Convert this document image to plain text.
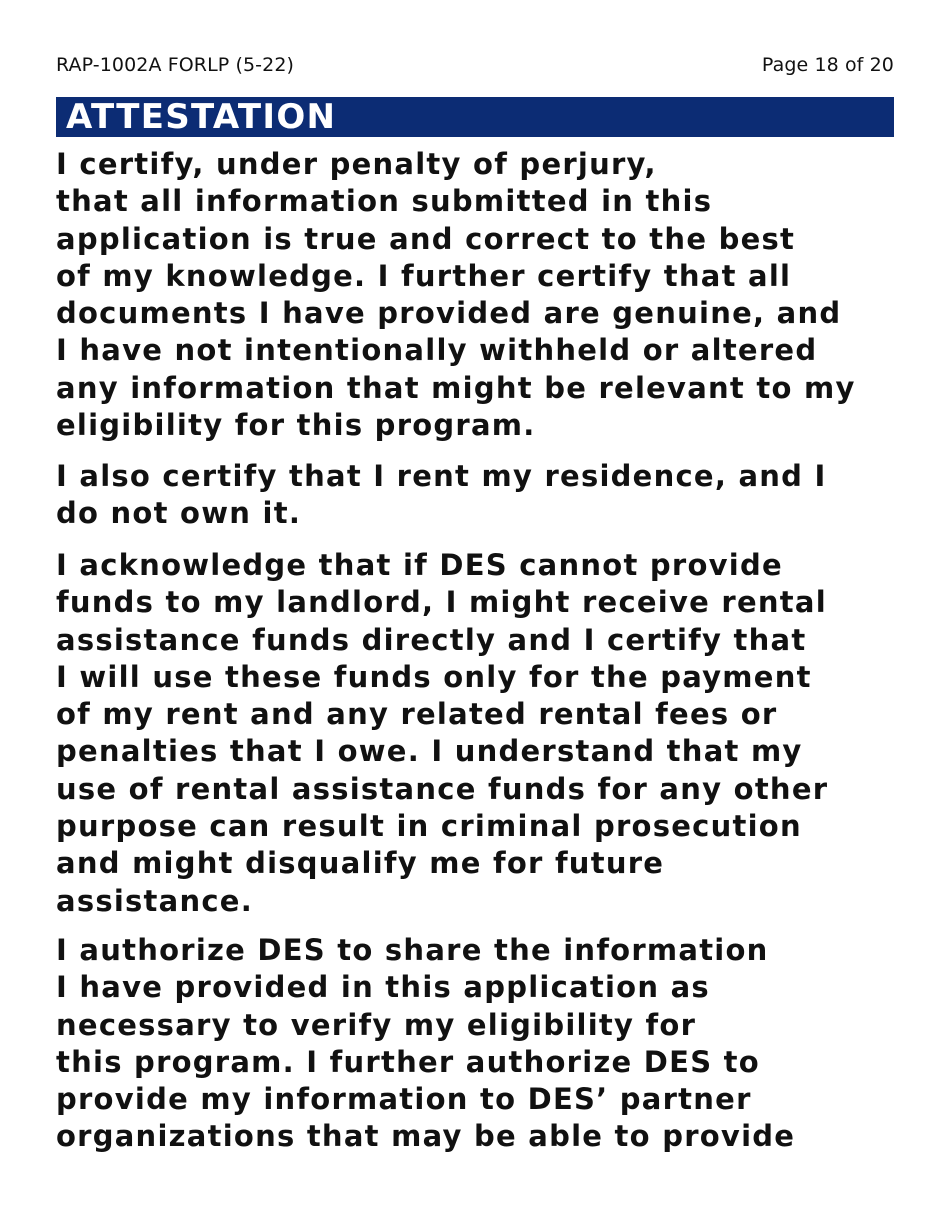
RAP-1002A FORLP (5-22)	Page 18 of 20
ATTESTATION

I certify, under penalty of perjury,
that all information submitted in this
application is true and correct to the best
of my knowledge. I further certify that all
documents I have provided are genuine, and
I have not intentionally withheld or altered
any information that might be relevant to my
eligibility for this program.

I also certify that I rent my residence, and I
do not own it.

I acknowledge that if DES cannot provide
funds to my landlord, I might receive rental
assistance funds directly and I certify that
I will use these funds only for the payment
of my rent and any related rental fees or
penalties that I owe. I understand that my
use of rental assistance funds for any other
purpose can result in criminal prosecution
and might disqualify me for future
assistance.

I authorize DES to share the information
I have provided in this application as
necessary to verify my eligibility for
this program. I further authorize DES to
provide my information to DES’ partner
organizations that may be able to provide
